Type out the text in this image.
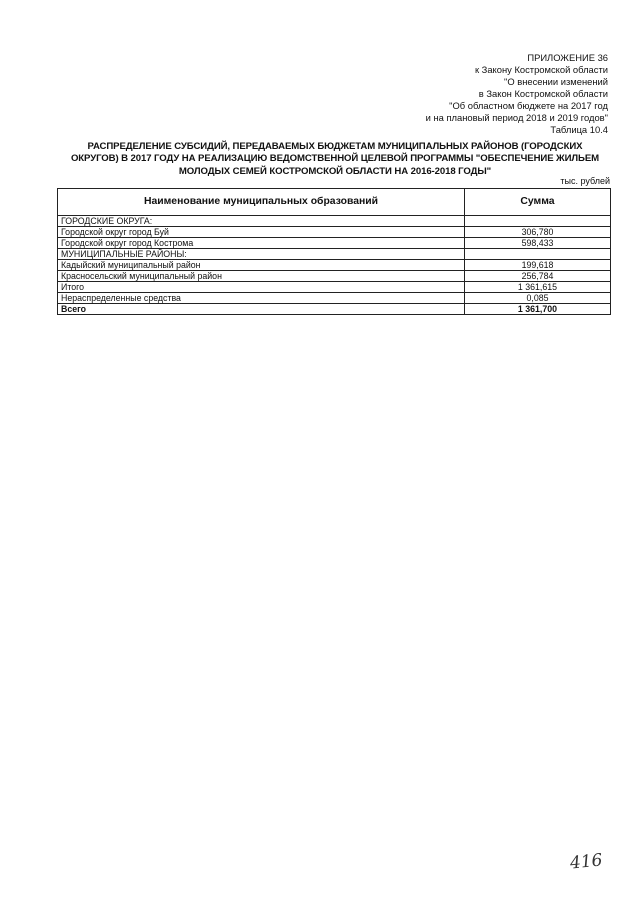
ПРИЛОЖЕНИЕ 36
к Закону Костромской области
"О внесении изменений
в Закон Костромской области
"Об областном бюджете на 2017 год
и на плановый период 2018 и 2019 годов"
Таблица 10.4
РАСПРЕДЕЛЕНИЕ СУБСИДИЙ, ПЕРЕДАВАЕМЫХ БЮДЖЕТАМ МУНИЦИПАЛЬНЫХ РАЙОНОВ (ГОРОДСКИХ
ОКРУГОВ) В 2017 ГОДУ НА РЕАЛИЗАЦИЮ ВЕДОМСТВЕННОЙ ЦЕЛЕВОЙ ПРОГРАММЫ "ОБЕСПЕЧЕНИЕ ЖИЛЬЕМ
МОЛОДЫХ СЕМЕЙ КОСТРОМСКОЙ ОБЛАСТИ НА 2016-2018 ГОДЫ"
тыс. рублей
Наименование муниципальных образований	Сумма
ГОРОДСКИЕ ОКРУГА:	
Городской округ город Буй	306,780
Городской округ город Кострома	598,433
МУНИЦИПАЛЬНЫЕ РАЙОНЫ:	
Кадыйский муниципальный район	199,618
Красносельский муниципальный район	256,784
Итого	1 361,615
Нераспределенные средства	0,085
Всего	1 361,700
416
